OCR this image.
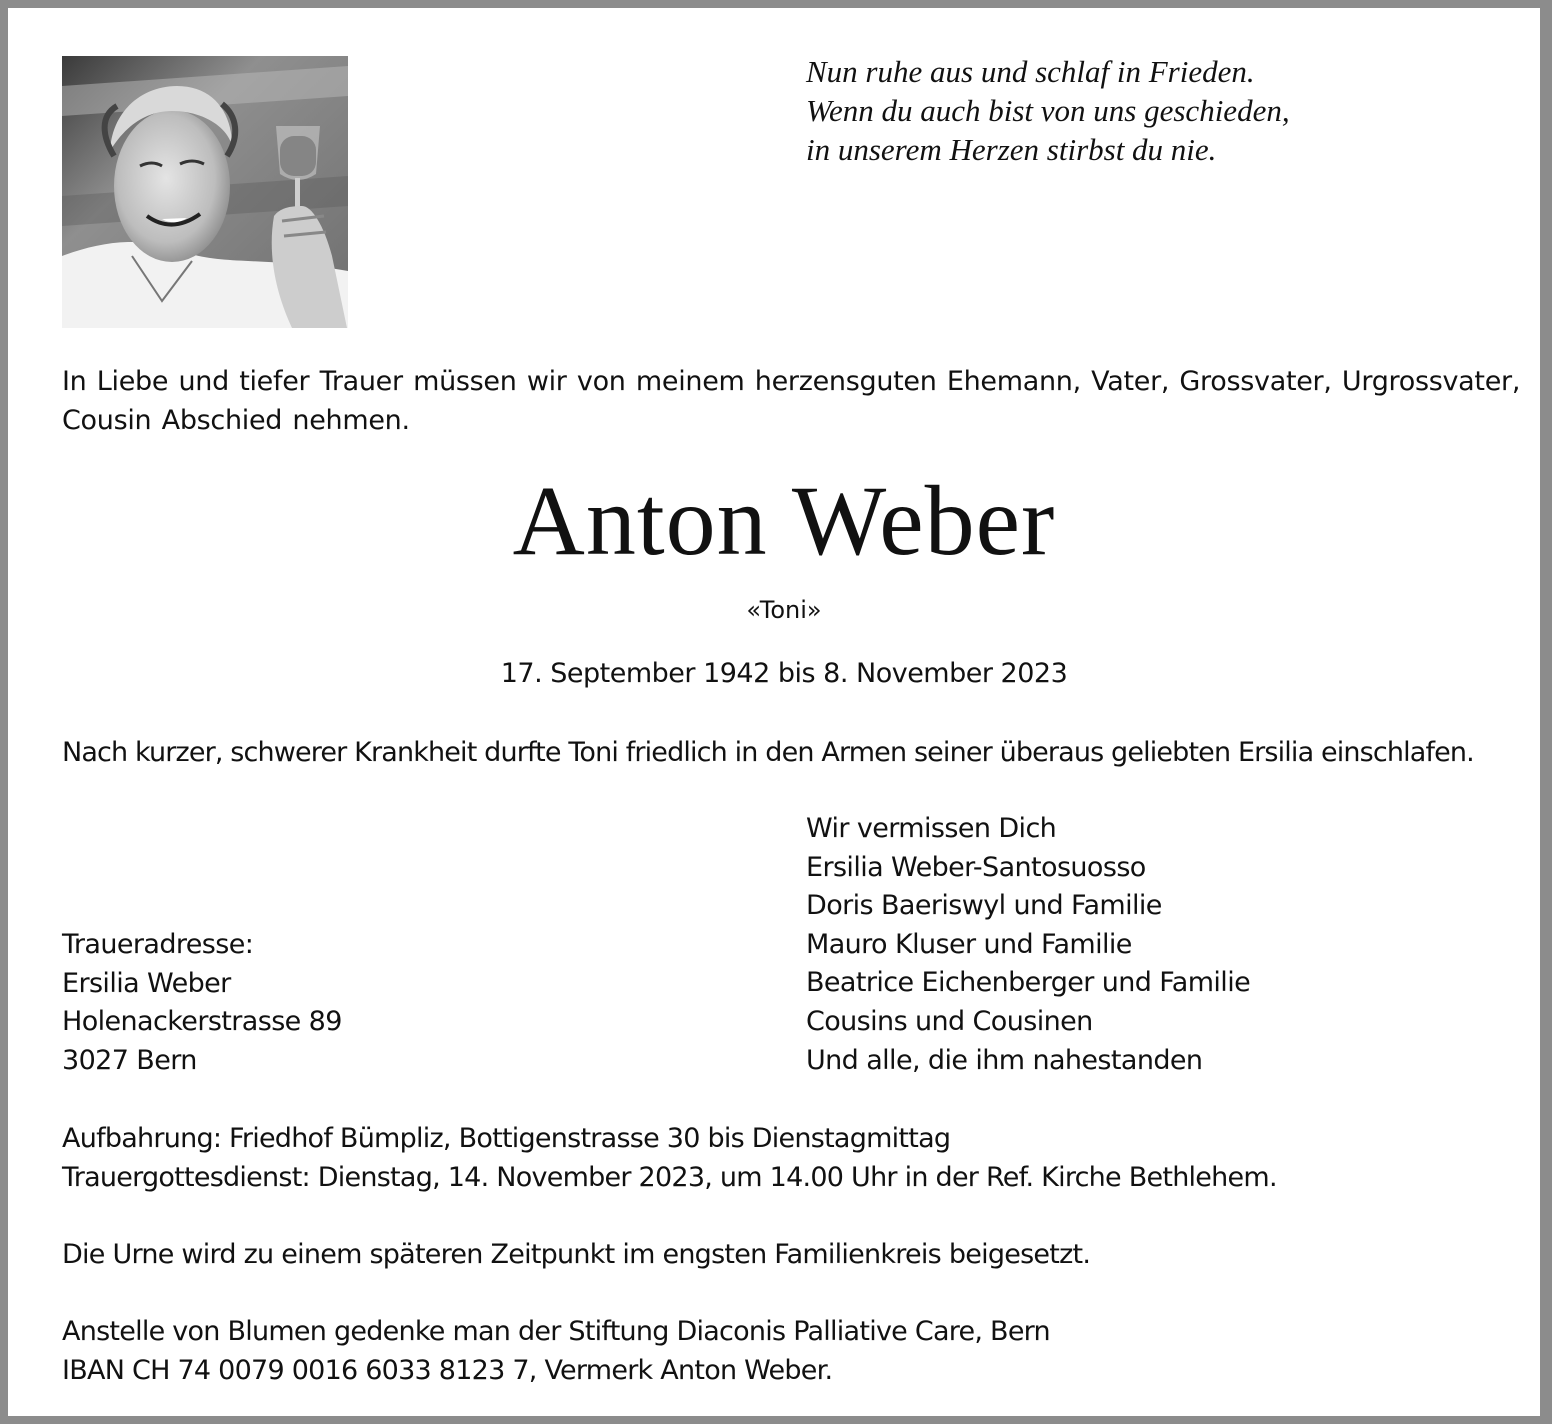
Nun ruhe aus und schlaf in Frieden.
Wenn du auch bist von uns geschieden,
in unserem Herzen stirbst du nie.
In Liebe und tiefer Trauer müssen wir von meinem herzensguten Ehemann, Vater, Grossvater, Urgrossvater,
Cousin Abschied nehmen.
Anton Weber
«Toni»
17. September 1942 bis 8. November 2023
Nach kurzer, schwerer Krankheit durfte Toni friedlich in den Armen seiner überaus geliebten Ersilia einschlafen.
Wir vermissen Dich
Ersilia Weber-Santosuosso
Doris Baeriswyl und Familie
Mauro Kluser und Familie
Beatrice Eichenberger und Familie
Cousins und Cousinen
Und alle, die ihm nahestanden
Traueradresse:
Ersilia Weber
Holenackerstrasse 89
3027 Bern
Aufbahrung: Friedhof Bümpliz, Bottigenstrasse 30 bis Dienstagmittag
Trauergottesdienst: Dienstag, 14. November 2023, um 14.00 Uhr in der Ref. Kirche Bethlehem.
Die Urne wird zu einem späteren Zeitpunkt im engsten Familienkreis beigesetzt.
Anstelle von Blumen gedenke man der Stiftung Diaconis Palliative Care, Bern
IBAN CH 74 0079 0016 6033 8123 7, Vermerk Anton Weber.
